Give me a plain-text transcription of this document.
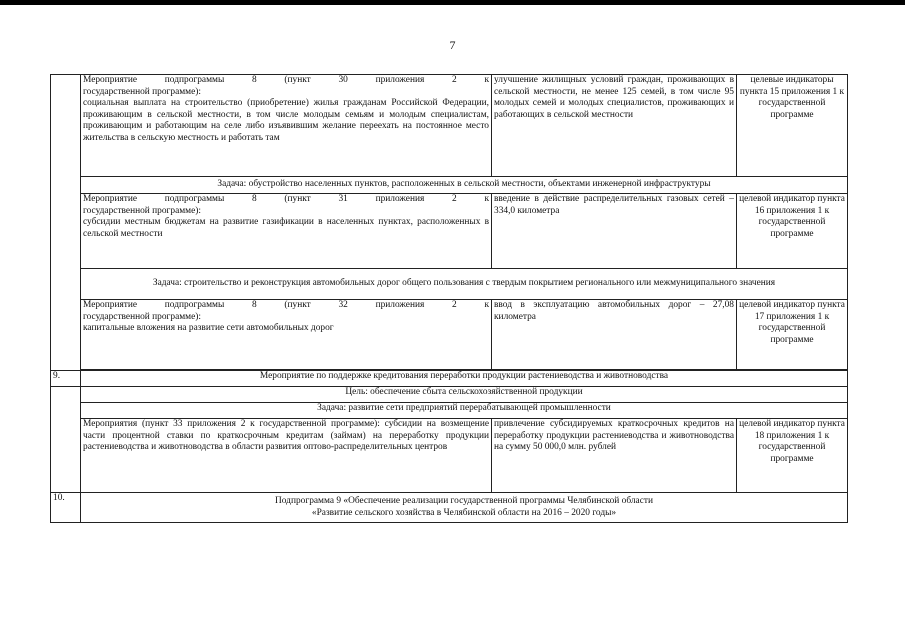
7

	Мероприятие подпрограммы 8 (пункт 30 приложения 2 к
государственной программе):
социальная выплата на строительство (приобретение) жилья гражданам Российской Федерации, проживающим в сельской местности, в том числе молодым семьям и молодым специалистам, проживающим и работающим на селе либо изъявившим желание переехать на постоянное место жительства в сельскую местность и работать там	улучшение жилищных условий граждан, проживающих в сельской местности, не менее 125 семей, в том числе 95 молодых семей и молодых специалистов, проживающих и работающих в сельской местности	целевые индикаторы пункта 15 приложения 1 к государственной программе
	Задача: обустройство населенных пунктов, расположенных в сельской местности, объектами инженерной инфраструктуры		

	Мероприятие подпрограммы 8 (пункт 31 приложения 2 к
государственной программе):
субсидии местным бюджетам на развитие газификации в населенных пунктах, расположенных в сельской местности	введение в действие распределительных газовых сетей – 334,0 километра	целевой индикатор пункта 16 приложения 1 к государственной программе
	Задача: строительство и реконструкция автомобильных дорог общего пользования с твердым покрытием регионального или межмуниципального значения		

	Мероприятие подпрограммы 8 (пункт 32 приложения 2 к
государственной программе):
капитальные вложения на развитие сети автомобильных дорог	ввод в эксплуатацию автомобильных дорог – 27,08 километра	целевой индикатор пункта 17 приложения 1 к государственной программе

9.	Мероприятие по поддержке кредитования переработки продукции растениеводства и животноводства		
	Цель: обеспечение сбыта сельскохозяйственной продукции		
	Задача: развитие сети предприятий перерабатывающей промышленности		
	Мероприятия (пункт 33 приложения 2 к государственной программе): субсидии на возмещение части процентной ставки по краткосрочным кредитам (займам) на переработку продукции растениеводства и животноводства в области развития оптово-распределительных центров	привлечение субсидируемых краткосрочных кредитов на переработку продукции растениеводства и животноводства на сумму 50 000,0 млн. рублей	целевой индикатор пункта 18 приложения 1 к государственной программе
10.	Подпрограмма 9 «Обеспечение реализации государственной программы Челябинской области
«Развитие сельского хозяйства в Челябинской области на 2016 – 2020 годы»		
